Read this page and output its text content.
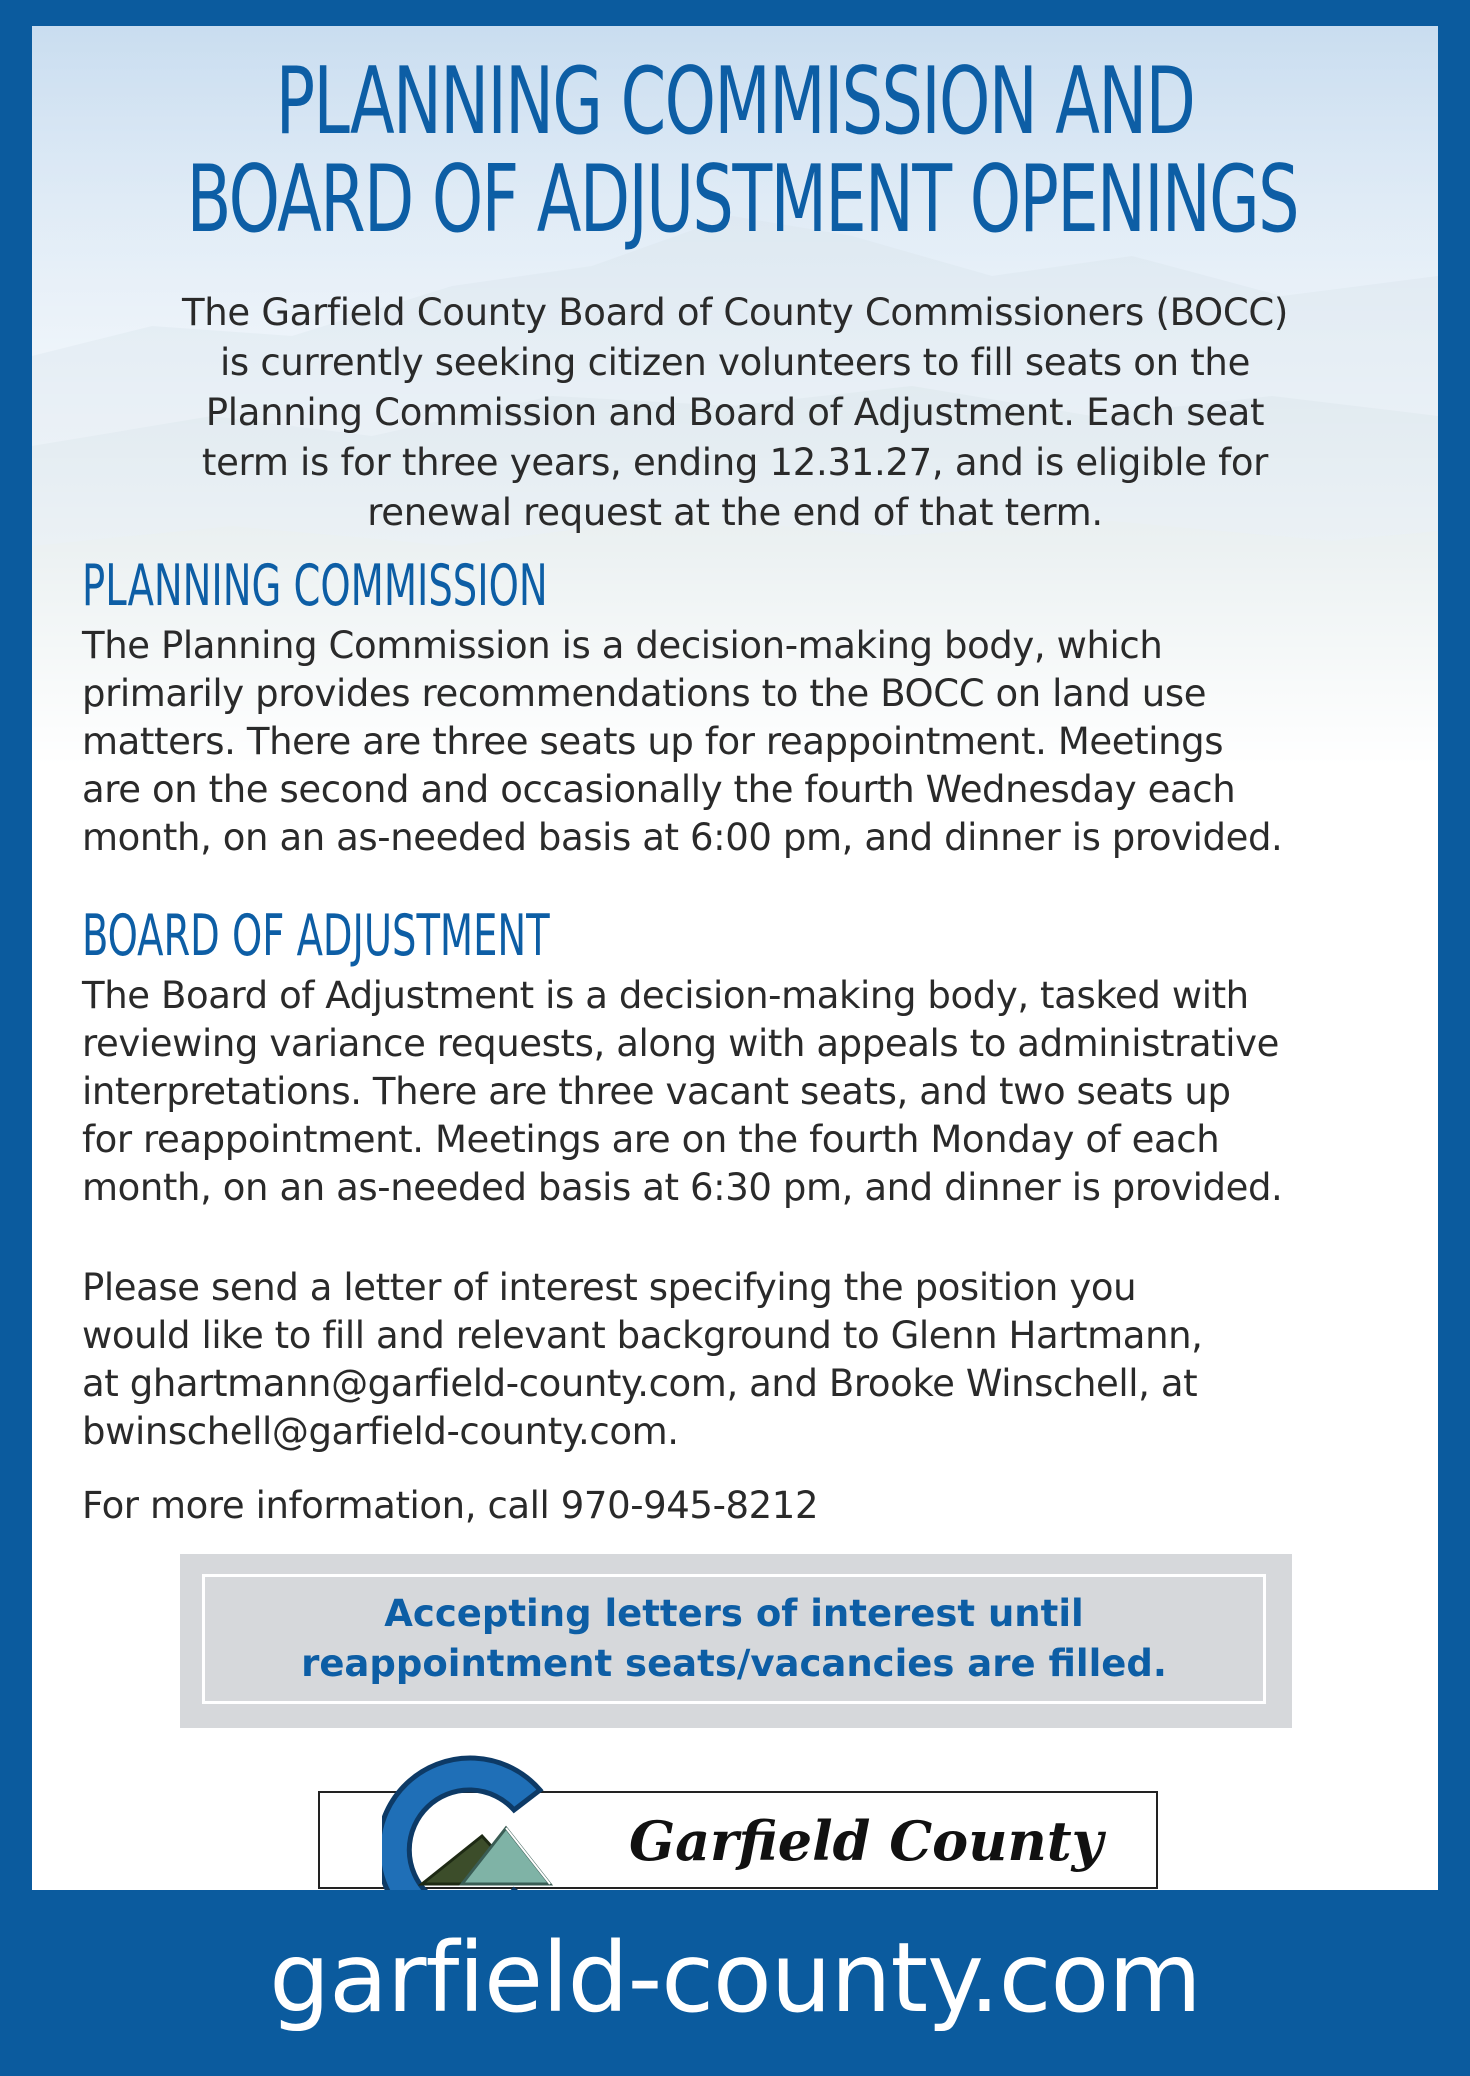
PLANNING COMMISSION AND
BOARD OF ADJUSTMENT OPENINGS
The Garfield County Board of County Commissioners (BOCC)
is currently seeking citizen volunteers to fill seats on the
Planning Commission and Board of Adjustment. Each seat
term is for three years, ending 12.31.27, and is eligible for
renewal request at the end of that term.
PLANNING COMMISSION
The Planning Commission is a decision-making body, which
primarily provides recommendations to the BOCC on land use
matters. There are three seats up for reappointment. Meetings
are on the second and occasionally the fourth Wednesday each
month, on an as-needed basis at 6:00 pm, and dinner is provided.
BOARD OF ADJUSTMENT
The Board of Adjustment is a decision-making body, tasked with
reviewing variance requests, along with appeals to administrative
interpretations. There are three vacant seats, and two seats up
for reappointment. Meetings are on the fourth Monday of each
month, on an as-needed basis at 6:30 pm, and dinner is provided.
Please send a letter of interest specifying the position you
would like to fill and relevant background to Glenn Hartmann,
at ghartmann@garfield-county.com, and Brooke Winschell, at
bwinschell@garfield-county.com.
For more information, call 970-945-8212
Accepting letters of interest until
reappointment seats/vacancies are filled.
Garfield County
garfield-county.com
